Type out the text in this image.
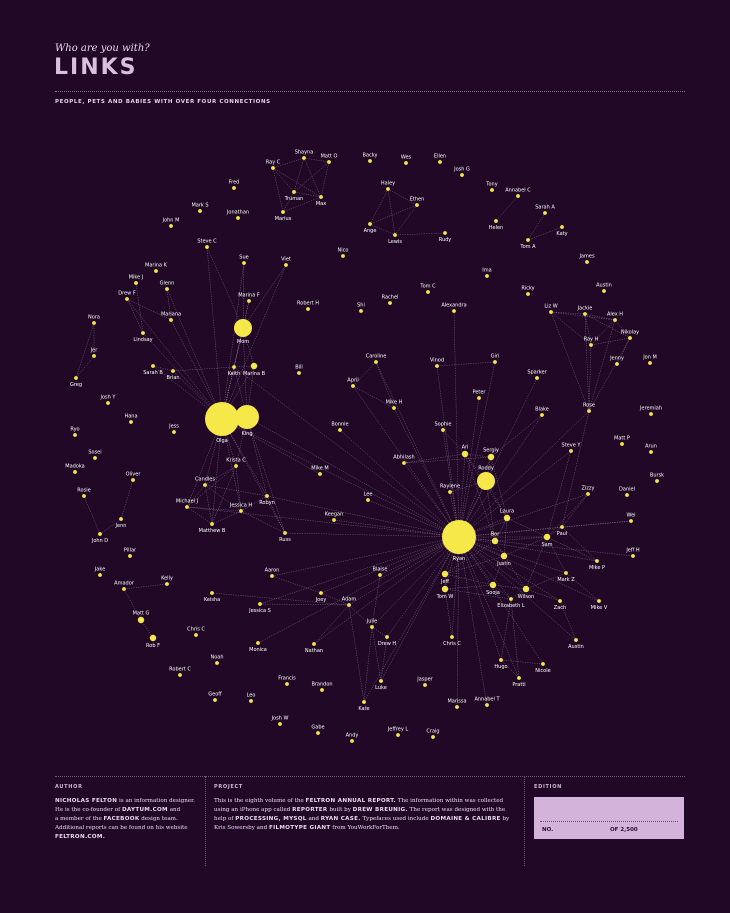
Who are you with?
LINKS
PEOPLE, PETS AND BABIES WITH OVER FOUR CONNECTIONS
Shayna
Matt O
Ray C
Truman
Max
Marius
Backy	Wes	Ellen
Josh G
Fred	Haley
Ethen
Ange
Lewis	Rudy
Tony
Annabel C
Helen
Sarah A
Katy
Tom A
Mark S
Jonathan
John M
Steve C
Sue	Viet
Nico
Marina K
Mike J
Glenn
Marina F
Drew F
Mariana
Lindsay	Mom
Robert H	Shi
Rachel
Tom C
Alexandra
Ima
Ricky
James
Austin
Liz W	Jackie
Alex H
Nikolay
Ray H
Jenny	Jon M
Nora
Jer
Greg
Sarah B
Brian
Marina B
Keith
Bill
Olga
King
Josh Y
Hana
Jess
Ryo
Sosei
Madoka
Rosie
John D
Jenn
Oliver
Pillar
Jake
Amador
Kelly
Matt G
Rob F
Chris C
Noah
Robert C
Geoff	Leo
Francis
Josh W
Gabe
Andy
Brandon
Kate
Luke
Jasper
Marissa Annabel T
Jeffrey L	Craig
Bonnie
Caroline
April
Mike H
Vinod
Giri
Peter
Sparker
Sophie
Ari	Sergiy
Blake
Rose	Jeremiah
Matt P
Arun
Steve Y
Abhilash
Bursk
Zizzy	Daniel
Raylene
Roddy
Laura
Ryan
Bor
Sam
Paul
Wei
Jeff
Justin
Jeff H
Mike P
Mark Z
Wilson
Tom W
Sooja
Elizabeth L	Zach	Mike V
Chris C	Austin
Hugo
Nicole
Pratti
Krista C
Candles
Robyn
Mike M
Michael J
Jessica H
Matthew B
Russ
Keegan
Lee
Blaise
Aaron
Keisha
Jessica S
Joey	Adam
Julie
Drew H
Monica	Nathan
AUTHOR
NICHOLAS FELTON is an information designer.
He is the co-founder of DAYTUM.COM and
a member of the FACEBOOK design team.
Additional reports can be found on his website
FELTRON.COM.
PROJECT
This is the eighth volume of the FELTRON ANNUAL REPORT. The information within was collected
using an iPhone app called REPORTER built by DREW BREUNIG. The report was designed with the
help of PROCESSING, MYSQL and RYAN CASE. Typefaces used include DOMAINE & CALIBRE by
Kris Sowersby and FILMOTYPE GIANT from YouWorkForThem.
EDITION
NO.	OF 2,500
